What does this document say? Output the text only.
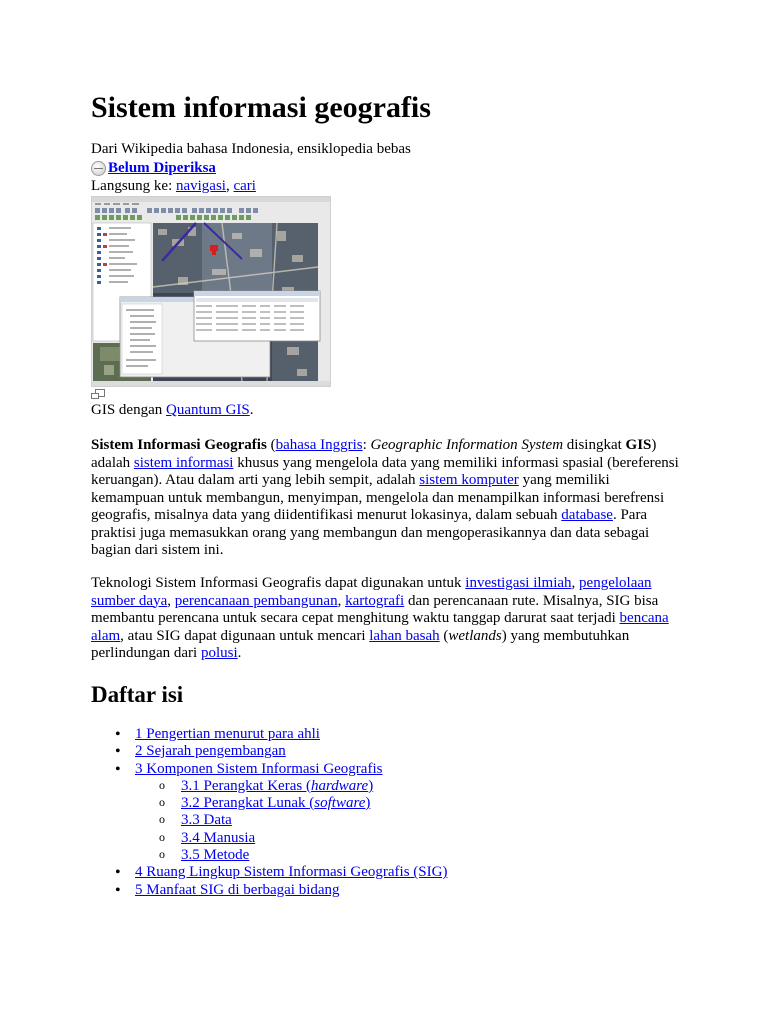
Sistem informasi geografis
Dari Wikipedia bahasa Indonesia, ensiklopedia bebas
Belum Diperiksa
Langsung ke: navigasi, cari
GIS dengan Quantum GIS.

Sistem Informasi Geografis (bahasa Inggris: Geographic Information System disingkat GIS) adalah sistem informasi khusus yang mengelola data yang memiliki informasi spasial (bereferensi keruangan). Atau dalam arti yang lebih sempit, adalah sistem komputer yang memiliki kemampuan untuk membangun, menyimpan, mengelola dan menampilkan informasi berefrensi geografis, misalnya data yang diidentifikasi menurut lokasinya, dalam sebuah database. Para praktisi juga memasukkan orang yang membangun dan mengoperasikannya dan data sebagai bagian dari sistem ini.

Teknologi Sistem Informasi Geografis dapat digunakan untuk investigasi ilmiah, pengelolaan sumber daya, perencanaan pembangunan, kartografi dan perencanaan rute. Misalnya, SIG bisa membantu perencana untuk secara cepat menghitung waktu tanggap darurat saat terjadi bencana alam, atau SIG dapat digunaan untuk mencari lahan basah (wetlands) yang membutuhkan perlindungan dari polusi.

Daftar isi
• 1 Pengertian menurut para ahli
• 2 Sejarah pengembangan
• 3 Komponen Sistem Informasi Geografis
o 3.1 Perangkat Keras (hardware)
o 3.2 Perangkat Lunak (software)
o 3.3 Data
o 3.4 Manusia
o 3.5 Metode
• 4 Ruang Lingkup Sistem Informasi Geografis (SIG)
• 5 Manfaat SIG di berbagai bidang
